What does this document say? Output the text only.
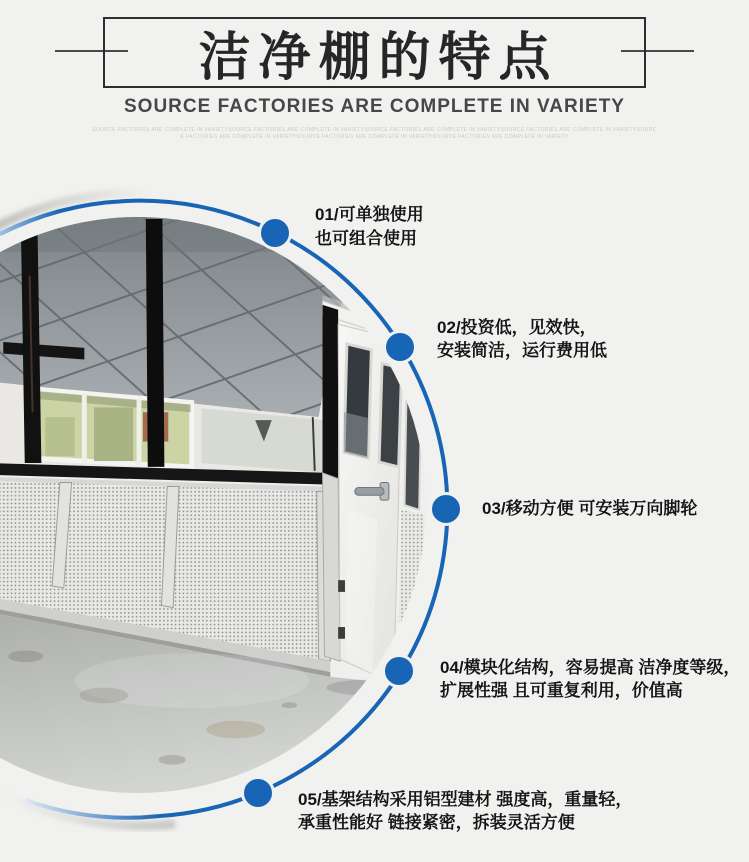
洁净棚的特点
SOURCE FACTORIES ARE COMPLETE IN VARIETY
SOURCE FACTORIES ARE COMPLETE IN VARIETYSOURCE FACTORIES ARE COMPLETE IN VARIETYSOURCE FACTORIES ARE COMPLETE IN VARIETYSOURCE FACTORIES ARE COMPLETE IN VARIETYSOURC
E FACTORIES ARE COMPLETE IN VARIETYSOURCE FACTORIES ARE COMPLETE IN VARIETYSOURCE FACTORIES ARE COMPLETE IN VARIETY
01/可单独使用
也可组合使用
02/投资低，见效快，
安装简洁，运行费用低
03/移动方便 可安装万向脚轮
04/模块化结构，容易提高 洁净度等级，
扩展性强 且可重复利用，价值高
05/基架结构采用铝型建材 强度高，重量轻，
承重性能好 链接紧密，拆装灵活方便
